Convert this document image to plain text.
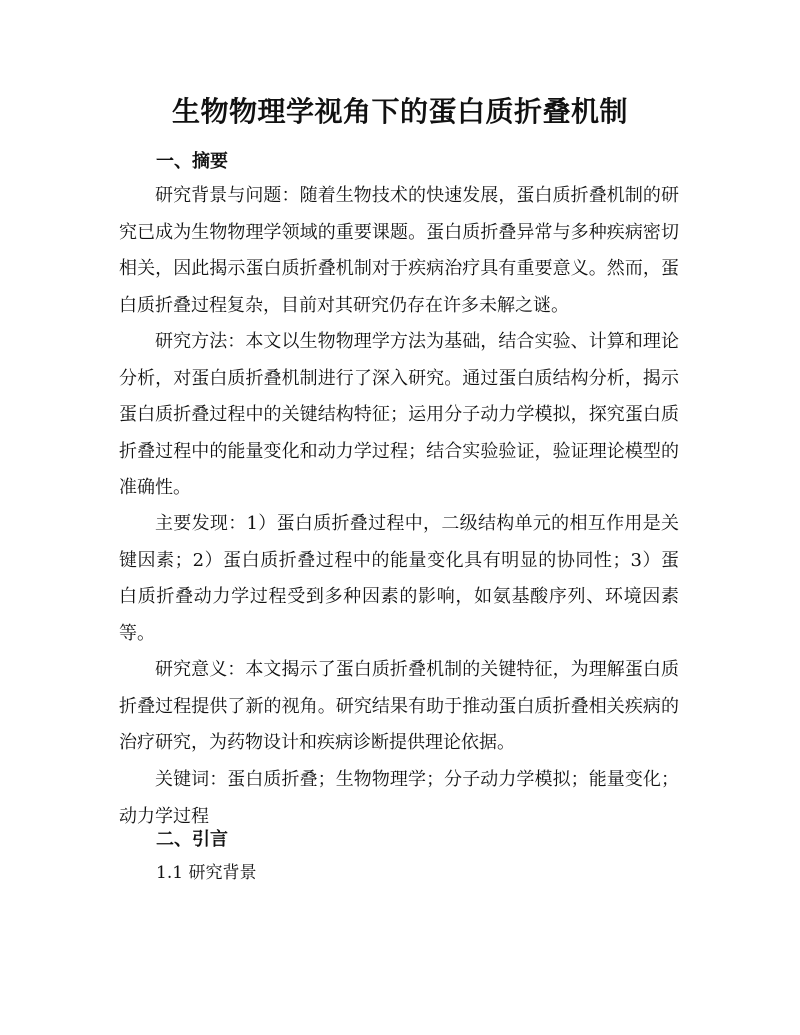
生物物理学视角下的蛋白质折叠机制
一、摘要

研究背景与问题：随着生物技术的快速发展，蛋白质折叠机制的研究已成为生物物理学领域的重要课题。蛋白质折叠异常与多种疾病密切相关，因此揭示蛋白质折叠机制对于疾病治疗具有重要意义。然而，蛋白质折叠过程复杂，目前对其研究仍存在许多未解之谜。

研究方法：本文以生物物理学方法为基础，结合实验、计算和理论分析，对蛋白质折叠机制进行了深入研究。通过蛋白质结构分析，揭示蛋白质折叠过程中的关键结构特征；运用分子动力学模拟，探究蛋白质折叠过程中的能量变化和动力学过程；结合实验验证，验证理论模型的准确性。

主要发现：1）蛋白质折叠过程中，二级结构单元的相互作用是关键因素；2）蛋白质折叠过程中的能量变化具有明显的协同性；3）蛋白质折叠动力学过程受到多种因素的影响，如氨基酸序列、环境因素等。

研究意义：本文揭示了蛋白质折叠机制的关键特征，为理解蛋白质折叠过程提供了新的视角。研究结果有助于推动蛋白质折叠相关疾病的治疗研究，为药物设计和疾病诊断提供理论依据。

关键词：蛋白质折叠；生物物理学；分子动力学模拟；能量变化；动力学过程

二、引言
1.1 研究背景
